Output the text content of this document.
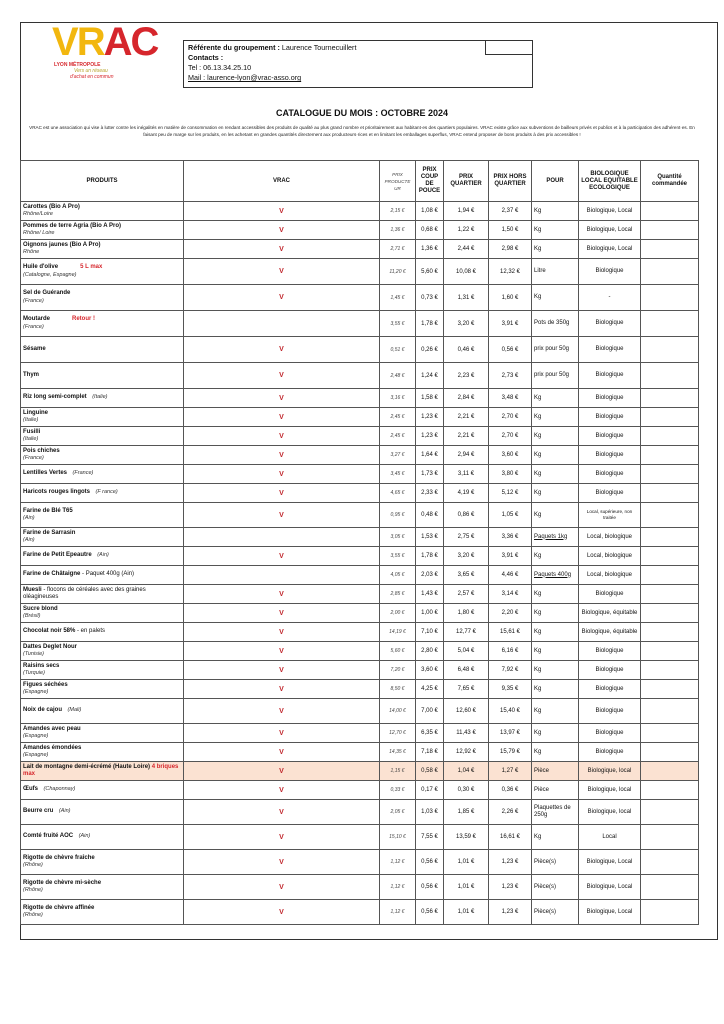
VRAC
LYON MÉTROPOLE
Vers un réseau
d'achat en commun
Référente du groupement : Laurence Tournecuillert
Contacts :
Tel : 06.13.34.25.10
Mail : laurence-lyon@vrac-asso.org
CATALOGUE DU MOIS : OCTOBRE 2024
VRAC est une association qui vise à lutter contre les inégalités en matière de consommation en rendant accessibles des produits de qualité au plus grand nombre et prioritairement aux habitant·es des quartiers populaires. VRAC existe grâce aux subventions de bailleurs privés et publics et à la participation des adhérent·es. En faisant peu de marge sur les produits, en les achetant en grandes quantités directement aux producteurs·rices et en limitant les emballages superflus, VRAC entend proposer de bons produits à des prix accessibles !
PRODUITS	VRAC	PRIX PRODUCTE UR	PRIX COUP DE POUCE	PRIX QUARTIER	PRIX HORS QUARTIER	POUR	BIOLOGIQUE LOCAL EQUITABLE ECOLOGIQUE	Quantité commandée
Carottes (Bio A Pro)
Rhône/Loire	V	2,15 €	1,08 €	1,94 €	2,37 €	Kg	Biologique, Local	
Pommes de terre Agria (Bio A Pro)
Rhône/ Loire	V	1,36 €	0,68 €	1,22 €	1,50 €	Kg	Biologique, Local	
Oignons jaunes (Bio A Pro)
Rhône	V	2,71 €	1,36 €	2,44 €	2,98 €	Kg	Biologique, Local	
Huile d'olive 5 L max
(Catalogne, Espagne)	V	11,20 €	5,60 €	10,08 €	12,32 €	Litre	Biologique	
Sel de Guérande
(France)	V	1,45 €	0,73 €	1,31 €	1,60 €	Kg	-	
Moutarde Retour !
(France)		3,55 €	1,78 €	3,20 €	3,91 €	Pots de 350g	Biologique	
Sésame	V	0,51 €	0,26 €	0,46 €	0,56 €	prix pour 50g	Biologique	
Thym	V	2,48 €	1,24 €	2,23 €	2,73 €	prix pour 50g	Biologique	
Riz long semi-complet (Italie)	V	3,16 €	1,58 €	2,84 €	3,48 €	Kg	Biologique	
Linguine
(Italie)	V	2,45 €	1,23 €	2,21 €	2,70 €	Kg	Biologique	
Fusilli
(Italie)	V	2,45 €	1,23 €	2,21 €	2,70 €	Kg	Biologique	
Pois chiches
(France)	V	3,27 €	1,64 €	2,94 €	3,60 €	Kg	Biologique	
Lentilles Vertes (France)	V	3,45 €	1,73 €	3,11 €	3,80 €	Kg	Biologique	
Haricots rouges lingots (F rance)	V	4,65 €	2,33 €	4,19 €	5,12 €	Kg	Biologique	
Farine de Blé T65
(Ain)	V	0,95 €	0,48 €	0,86 €	1,05 €	Kg	Local, supérieure, non traitée	
Farine de Sarrasin
(Ain)		3,05 €	1,53 €	2,75 €	3,36 €	Paquets 1kg	Local, biologique	
Farine de Petit Epeautre (Ain)	V	3,55 €	1,78 €	3,20 €	3,91 €	Kg	Local, biologique	
Farine de Châtaigne - Paquet 400g (Ain)		4,05 €	2,03 €	3,65 €	4,46 €	Paquets 400g	Local, biologique	
Muesli - flocons de céréales avec des graines oléagineuses	V	2,85 €	1,43 €	2,57 €	3,14 €	Kg	Biologique	
Sucre blond
(Brésil)	V	2,00 €	1,00 €	1,80 €	2,20 €	Kg	Biologique, équitable	
Chocolat noir 58% - en palets	V	14,19 €	7,10 €	12,77 €	15,61 €	Kg	Biologique, équitable	
Dattes Deglet Nour
(Tunisie)	V	5,60 €	2,80 €	5,04 €	6,16 €	Kg	Biologique	
Raisins secs
(Turquie)	V	7,20 €	3,60 €	6,48 €	7,92 €	Kg	Biologique	
Figues séchées
(Espagne)	V	8,50 €	4,25 €	7,65 €	9,35 €	Kg	Biologique	
Noix de cajou (Mali)	V	14,00 €	7,00 €	12,60 €	15,40 €	Kg	Biologique	
Amandes avec peau
(Espagne)	V	12,70 €	6,35 €	11,43 €	13,97 €	Kg	Biologique	
Amandes émondées
(Espagne)	V	14,35 €	7,18 €	12,92 €	15,79 €	Kg	Biologique	
Lait de montagne demi-écrémé (Haute Loire) 4 briques max	V	1,15 €	0,58 €	1,04 €	1,27 €	Pièce	Biologique, local	
Œufs (Chaponnay)	V	0,33 €	0,17 €	0,30 €	0,36 €	Pièce	Biologique, local	
Beurre cru (Ain)	V	2,05 €	1,03 €	1,85 €	2,26 €	Plaquettes de 250g	Biologique, local	
Comté fruité AOC (Ain)	V	15,10 €	7,55 €	13,59 €	16,61 €	Kg	Local	
Rigotte de chèvre fraîche
(Rhône)	V	1,12 €	0,56 €	1,01 €	1,23 €	Pièce(s)	Biologique, Local	
Rigotte de chèvre mi-sèche
(Rhône)	V	1,12 €	0,56 €	1,01 €	1,23 €	Pièce(s)	Biologique, Local	
Rigotte de chèvre affinée
(Rhône)	V	1,12 €	0,56 €	1,01 €	1,23 €	Pièce(s)	Biologique, Local	
